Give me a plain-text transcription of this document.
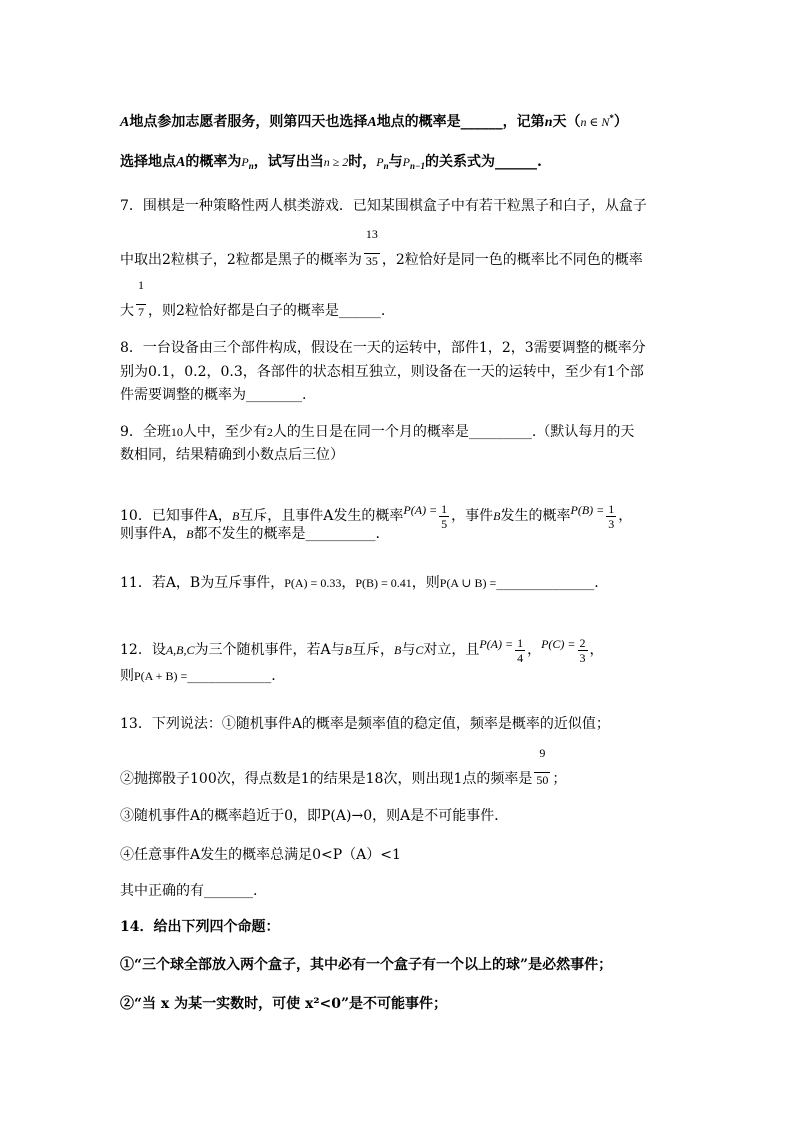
A地点参加志愿者服务，则第四天也选择A地点的概率是______，记第n天（n ∈ N*）
选择地点A的概率为$P_n$，试写出当n ≥ 2时，$P_n$与$P_{n-1}$的关系式为______.
7．围棋是一种策略性两人棋类游戏．已知某围棋盒子中有若干粒黑子和白子，从盒子
中取出2粒棋子，2粒都是黑子的概率为 $\frac{13}{35}$ ，2粒恰好是同一色的概率比不同色的概率
大 $\frac{1}{7}$ ，则2粒恰好都是白子的概率是______.
8．一台设备由三个部件构成，假设在一天的运转中，部件1，2，3需要调整的概率分
别为0.1，0.2，0.3，各部件的状态相互独立，则设备在一天的运转中，至少有1个部
件需要调整的概率为________.
9．全班10人中，至少有2人的生日是在同一个月的概率是_________.（默认每月的天
数相同，结果精确到小数点后三位）
10．已知事件A，B互斥，且事件A发生的概率$P(A) = \frac{1}{5}$ ，事件B发生的概率$P(B) = \frac{1}{3}$ ，
则事件A，B都不发生的概率是__________.
11．若A，B为互斥事件，P(A) = 0.33，P(B) = 0.41，则P(A ∪ B) =______________.
12．设A,B,C为三个随机事件，若A与B互斥，B与C对立，且$P(A) = \frac{1}{4}$ ，$P(C) = \frac{2}{3}$ ，
则P(A + B) =____________.
13．下列说法：①随机事件A的概率是频率值的稳定值，频率是概率的近似值；
②抛掷骰子100次，得点数是1的结果是18次，则出现1点的频率是 $\frac{9}{50}$ ；
③随机事件A的概率趋近于0，即P(A)→0，则A是不可能事件．
④任意事件A发生的概率总满足0<P（A）<1
其中正确的有_______.
14．给出下列四个命题：
①“三个球全部放入两个盒子，其中必有一个盒子有一个以上的球”是必然事件；
②“当 x 为某一实数时，可使 x²<0”是不可能事件；
